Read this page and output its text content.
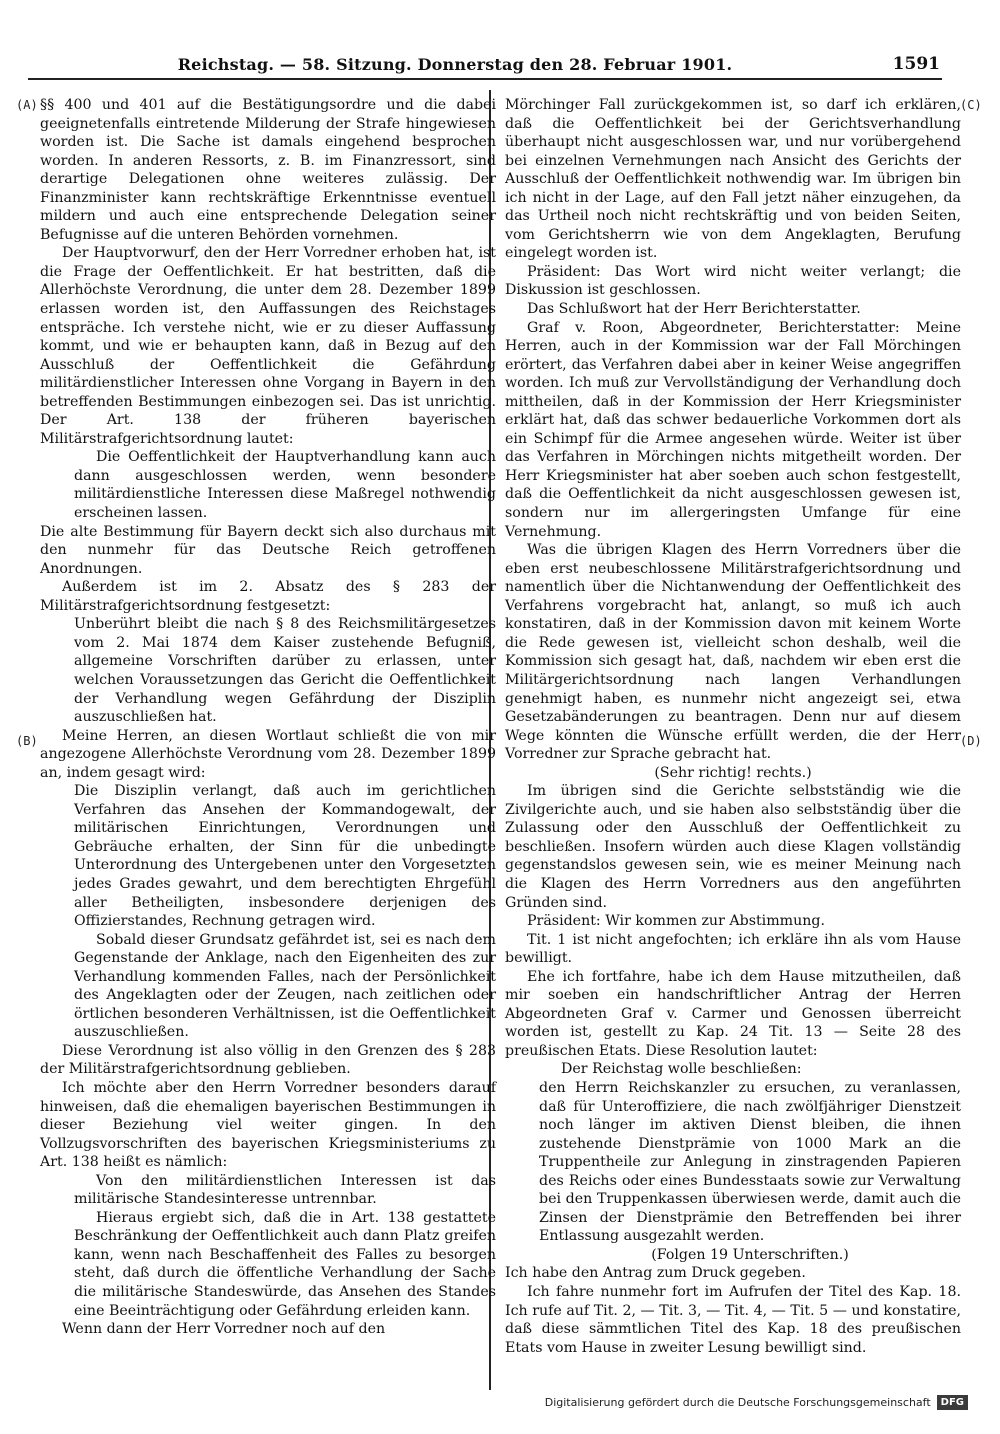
Reichstag. — 58. Sitzung. Donnerstag den 28. Februar 1901.	1591
(A)
(B)
(C)
(D)

§§ 400 und 401 auf die Bestätigungsordre und die dabei geeignetenfalls eintretende Milderung der Strafe hingewiesen worden ist. Die Sache ist damals eingehend besprochen worden. In anderen Ressorts, z. B. im Finanzressort, sind derartige Delegationen ohne weiteres zulässig. Der Finanzminister kann rechtskräftige Erkenntnisse eventuell mildern und auch eine entsprechende Delegation seiner Befugnisse auf die unteren Behörden vornehmen.

Der Hauptvorwurf, den der Herr Vorredner erhoben hat, ist die Frage der Oeffentlichkeit. Er hat bestritten, daß die Allerhöchste Verordnung, die unter dem 28. Dezember 1899 erlassen worden ist, den Auffassungen des Reichstages entspräche. Ich verstehe nicht, wie er zu dieser Auffassung kommt, und wie er behaupten kann, daß in Bezug auf den Ausschluß der Oeffentlichkeit die Gefährdung militärdienstlicher Interessen ohne Vorgang in Bayern in den betreffenden Bestimmungen einbezogen sei. Das ist unrichtig. Der Art. 138 der früheren bayerischen Militärstrafgerichtsordnung lautet:

Die Oeffentlichkeit der Hauptverhandlung kann auch dann ausgeschlossen werden, wenn besondere militärdienstliche Interessen diese Maßregel nothwendig erscheinen lassen.

Die alte Bestimmung für Bayern deckt sich also durchaus mit den nunmehr für das Deutsche Reich getroffenen Anordnungen.

Außerdem ist im 2. Absatz des § 283 der Militärstrafgerichtsordnung festgesetzt:

Unberührt bleibt die nach § 8 des Reichsmilitärgesetzes vom 2. Mai 1874 dem Kaiser zustehende Befugniß, allgemeine Vorschriften darüber zu erlassen, unter welchen Voraussetzungen das Gericht die Oeffentlichkeit der Verhandlung wegen Gefährdung der Disziplin auszuschließen hat.

Meine Herren, an diesen Wortlaut schließt die von mir angezogene Allerhöchste Verordnung vom 28. Dezember 1899 an, indem gesagt wird:

Die Disziplin verlangt, daß auch im gerichtlichen Verfahren das Ansehen der Kommandogewalt, der militärischen Einrichtungen, Verordnungen und Gebräuche erhalten, der Sinn für die unbedingte Unterordnung des Untergebenen unter den Vorgesetzten jedes Grades gewahrt, und dem berechtigten Ehrgefühl aller Betheiligten, insbesondere derjenigen des Offizierstandes, Rechnung getragen wird.

Sobald dieser Grundsatz gefährdet ist, sei es nach dem Gegenstande der Anklage, nach den Eigenheiten des zur Verhandlung kommenden Falles, nach der Persönlichkeit des Angeklagten oder der Zeugen, nach zeitlichen oder örtlichen besonderen Verhältnissen, ist die Oeffentlichkeit auszuschließen.

Diese Verordnung ist also völlig in den Grenzen des § 283 der Militärstrafgerichtsordnung geblieben.

Ich möchte aber den Herrn Vorredner besonders darauf hinweisen, daß die ehemaligen bayerischen Bestimmungen in dieser Beziehung viel weiter gingen. In den Vollzugsvorschriften des bayerischen Kriegsministeriums zu Art. 138 heißt es nämlich:

Von den militärdienstlichen Interessen ist das militärische Standesinteresse untrennbar.

Hieraus ergiebt sich, daß die in Art. 138 gestattete Beschränkung der Oeffentlichkeit auch dann Platz greifen kann, wenn nach Beschaffenheit des Falles zu besorgen steht, daß durch die öffentliche Verhandlung der Sache die militärische Standeswürde, das Ansehen des Standes eine Beeinträchtigung oder Gefährdung erleiden kann.

Wenn dann der Herr Vorredner noch auf den

Mörchinger Fall zurückgekommen ist, so darf ich erklären, daß die Oeffentlichkeit bei der Gerichtsverhandlung überhaupt nicht ausgeschlossen war, und nur vorübergehend bei einzelnen Vernehmungen nach Ansicht des Gerichts der Ausschluß der Oeffentlichkeit nothwendig war. Im übrigen bin ich nicht in der Lage, auf den Fall jetzt näher einzugehen, da das Urtheil noch nicht rechtskräftig und von beiden Seiten, vom Gerichtsherrn wie von dem Angeklagten, Berufung eingelegt worden ist.

Präsident: Das Wort wird nicht weiter verlangt; die Diskussion ist geschlossen.

Das Schlußwort hat der Herr Berichterstatter.

Graf v. Roon, Abgeordneter, Berichterstatter: Meine Herren, auch in der Kommission war der Fall Mörchingen erörtert, das Verfahren dabei aber in keiner Weise angegriffen worden. Ich muß zur Vervollständigung der Verhandlung doch mittheilen, daß in der Kommission der Herr Kriegsminister erklärt hat, daß das schwer bedauerliche Vorkommen dort als ein Schimpf für die Armee angesehen würde. Weiter ist über das Verfahren in Mörchingen nichts mitgetheilt worden. Der Herr Kriegsminister hat aber soeben auch schon festgestellt, daß die Oeffentlichkeit da nicht ausgeschlossen gewesen ist, sondern nur im allergeringsten Umfange für eine Vernehmung.

Was die übrigen Klagen des Herrn Vorredners über die eben erst neubeschlossene Militärstrafgerichtsordnung und namentlich über die Nichtanwendung der Oeffentlichkeit des Verfahrens vorgebracht hat, anlangt, so muß ich auch konstatiren, daß in der Kommission davon mit keinem Worte die Rede gewesen ist, vielleicht schon deshalb, weil die Kommission sich gesagt hat, daß, nachdem wir eben erst die Militärgerichtsordnung nach langen Verhandlungen genehmigt haben, es nunmehr nicht angezeigt sei, etwa Gesetzabänderungen zu beantragen. Denn nur auf diesem Wege könnten die Wünsche erfüllt werden, die der Herr Vorredner zur Sprache gebracht hat.

(Sehr richtig! rechts.)

Im übrigen sind die Gerichte selbstständig wie die Zivilgerichte auch, und sie haben also selbstständig über die Zulassung oder den Ausschluß der Oeffentlichkeit zu beschließen. Insofern würden auch diese Klagen vollständig gegenstandslos gewesen sein, wie es meiner Meinung nach die Klagen des Herrn Vorredners aus den angeführten Gründen sind.

Präsident: Wir kommen zur Abstimmung.

Tit. 1 ist nicht angefochten; ich erkläre ihn als vom Hause bewilligt.

Ehe ich fortfahre, habe ich dem Hause mitzutheilen, daß mir soeben ein handschriftlicher Antrag der Herren Abgeordneten Graf v. Carmer und Genossen überreicht worden ist, gestellt zu Kap. 24 Tit. 13 — Seite 28 des preußischen Etats. Diese Resolution lautet:

Der Reichstag wolle beschließen:

den Herrn Reichskanzler zu ersuchen, zu veranlassen, daß für Unteroffiziere, die nach zwölfjähriger Dienstzeit noch länger im aktiven Dienst bleiben, die ihnen zustehende Dienstprämie von 1000 Mark an die Truppentheile zur Anlegung in zinstragenden Papieren des Reichs oder eines Bundesstaats sowie zur Verwaltung bei den Truppenkassen überwiesen werde, damit auch die Zinsen der Dienstprämie den Betreffenden bei ihrer Entlassung ausgezahlt werden.

(Folgen 19 Unterschriften.)

Ich habe den Antrag zum Druck gegeben.

Ich fahre nunmehr fort im Aufrufen der Titel des Kap. 18. Ich rufe auf Tit. 2, — Tit. 3, — Tit. 4, — Tit. 5 — und konstatire, daß diese sämmtlichen Titel des Kap. 18 des preußischen Etats vom Hause in zweiter Lesung bewilligt sind.

Digitalisierung gefördert durch die Deutsche Forschungsgemeinschaft	DFG
